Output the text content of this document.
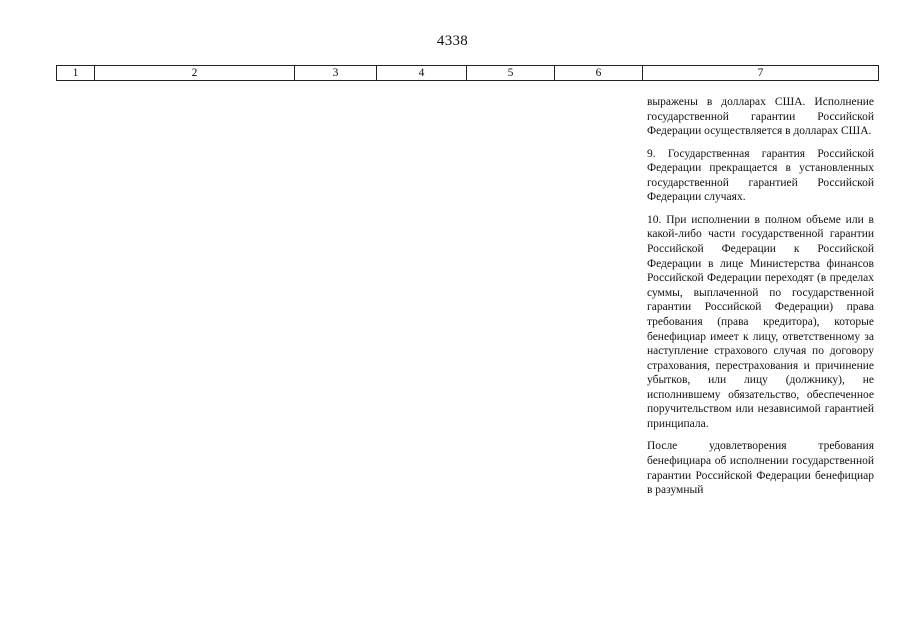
4338
1	2	3	4	5	6	7

выражены в долларах США. Исполнение государственной гарантии Российской Федерации осуществляется в долларах США.

9. Государственная гарантия Российской Федерации прекращается в установленных государственной гарантией Российской Федерации случаях.

10. При исполнении в полном объеме или в какой-либо части государственной гарантии Российской Федерации к Российской Федерации в лице Министерства финансов Российской Федерации переходят (в пределах суммы, выплаченной по государственной гарантии Российской Федерации) права требования (права кредитора), которые бенефициар имеет к лицу, ответственному за наступление страхового случая по договору страхования, перестрахования и причинение убытков, или лицу (должнику), не исполнившему обязательство, обеспеченное поручительством или независимой гарантией принципала.

После удовлетворения требования бенефициара об исполнении государственной гарантии Российской Федерации бенефициар в разумный
